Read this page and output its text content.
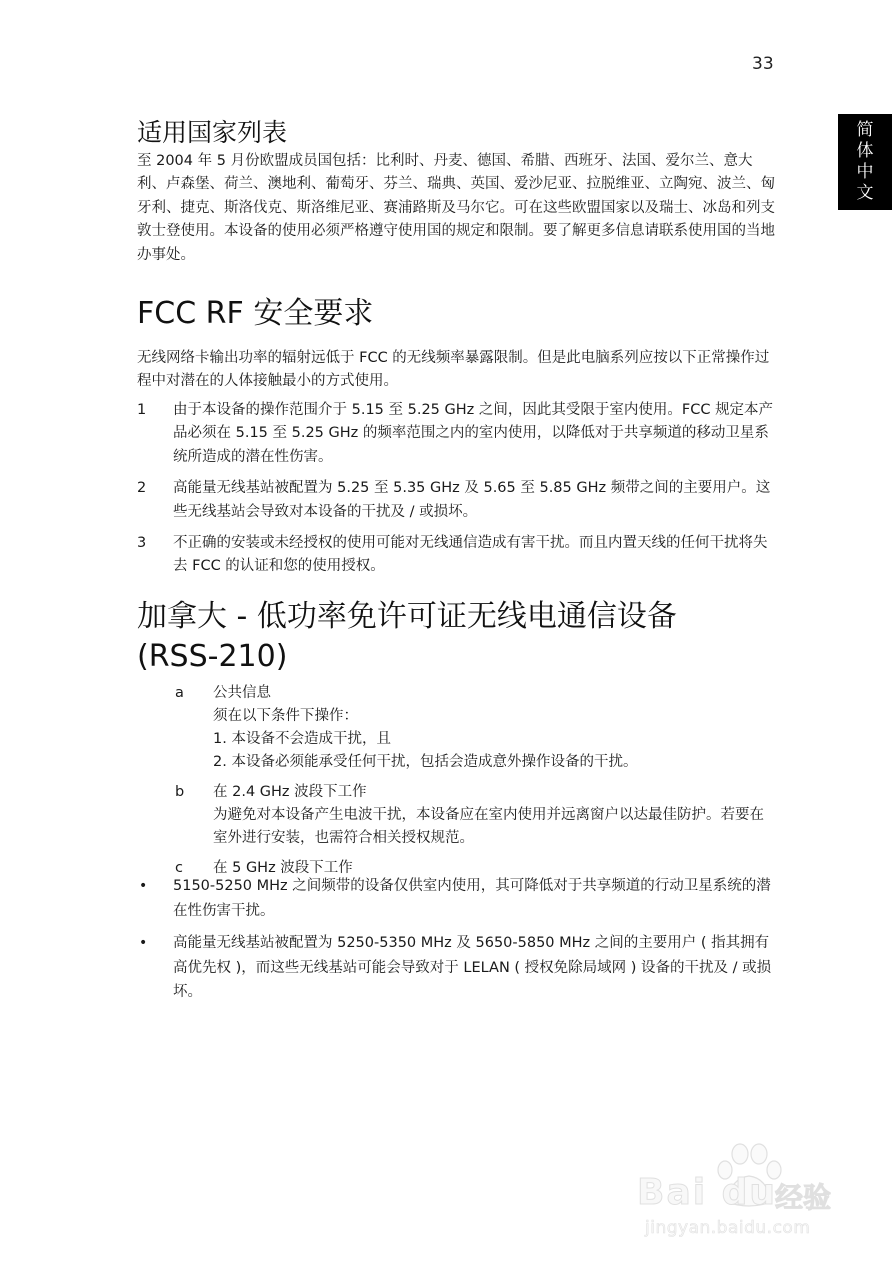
33
简
体
中
文
适用国家列表
至 2004 年 5 月份欧盟成员国包括：比利时、丹麦、德国、希腊、西班牙、法国、爱尔兰、意大利、卢森堡、荷兰、澳地利、葡萄牙、芬兰、瑞典、英国、爱沙尼亚、拉脱维亚、立陶宛、波兰、匈牙利、捷克、斯洛伐克、斯洛维尼亚、赛浦路斯及马尔它。可在这些欧盟国家以及瑞士、冰岛和列支敦士登使用。本设备的使用必须严格遵守使用国的规定和限制。要了解更多信息请联系使用国的当地办事处。
FCC RF 安全要求
无线网络卡输出功率的辐射远低于 FCC 的无线频率暴露限制。但是此电脑系列应按以下正常操作过程中对潜在的人体接触最小的方式使用。
1 由于本设备的操作范围介于 5.15 至 5.25 GHz 之间，因此其受限于室内使用。FCC 规定本产品必须在 5.15 至 5.25 GHz 的频率范围之内的室内使用，以降低对于共享频道的移动卫星系统所造成的潜在性伤害。
2 高能量无线基站被配置为 5.25 至 5.35 GHz 及 5.65 至 5.85 GHz 频带之间的主要用户。这些无线基站会导致对本设备的干扰及 / 或损坏。
3 不正确的安装或未经授权的使用可能对无线通信造成有害干扰。而且内置天线的任何干扰将失去 FCC 的认证和您的使用授权。
加拿大 - 低功率免许可证无线电通信设备
(RSS-210)
a 公共信息
须在以下条件下操作：
1. 本设备不会造成干扰，且
2. 本设备必须能承受任何干扰，包括会造成意外操作设备的干扰。
b 在 2.4 GHz 波段下工作
为避免对本设备产生电波干扰，本设备应在室内使用并远离窗户以达最佳防护。若要在室外进行安装，也需符合相关授权规范。
c 在 5 GHz 波段下工作
• 5150-5250 MHz 之间频带的设备仅供室内使用，其可降低对于共享频道的行动卫星系统的潜在性伤害干扰。
• 高能量无线基站被配置为 5250-5350 MHz 及 5650-5850 MHz 之间的主要用户 ( 指其拥有高优先权 )，而这些无线基站可能会导致对于 LELAN ( 授权免除局域网 ) 设备的干扰及 / 或损坏。
Bai du
经验
jingyan.baidu.com
